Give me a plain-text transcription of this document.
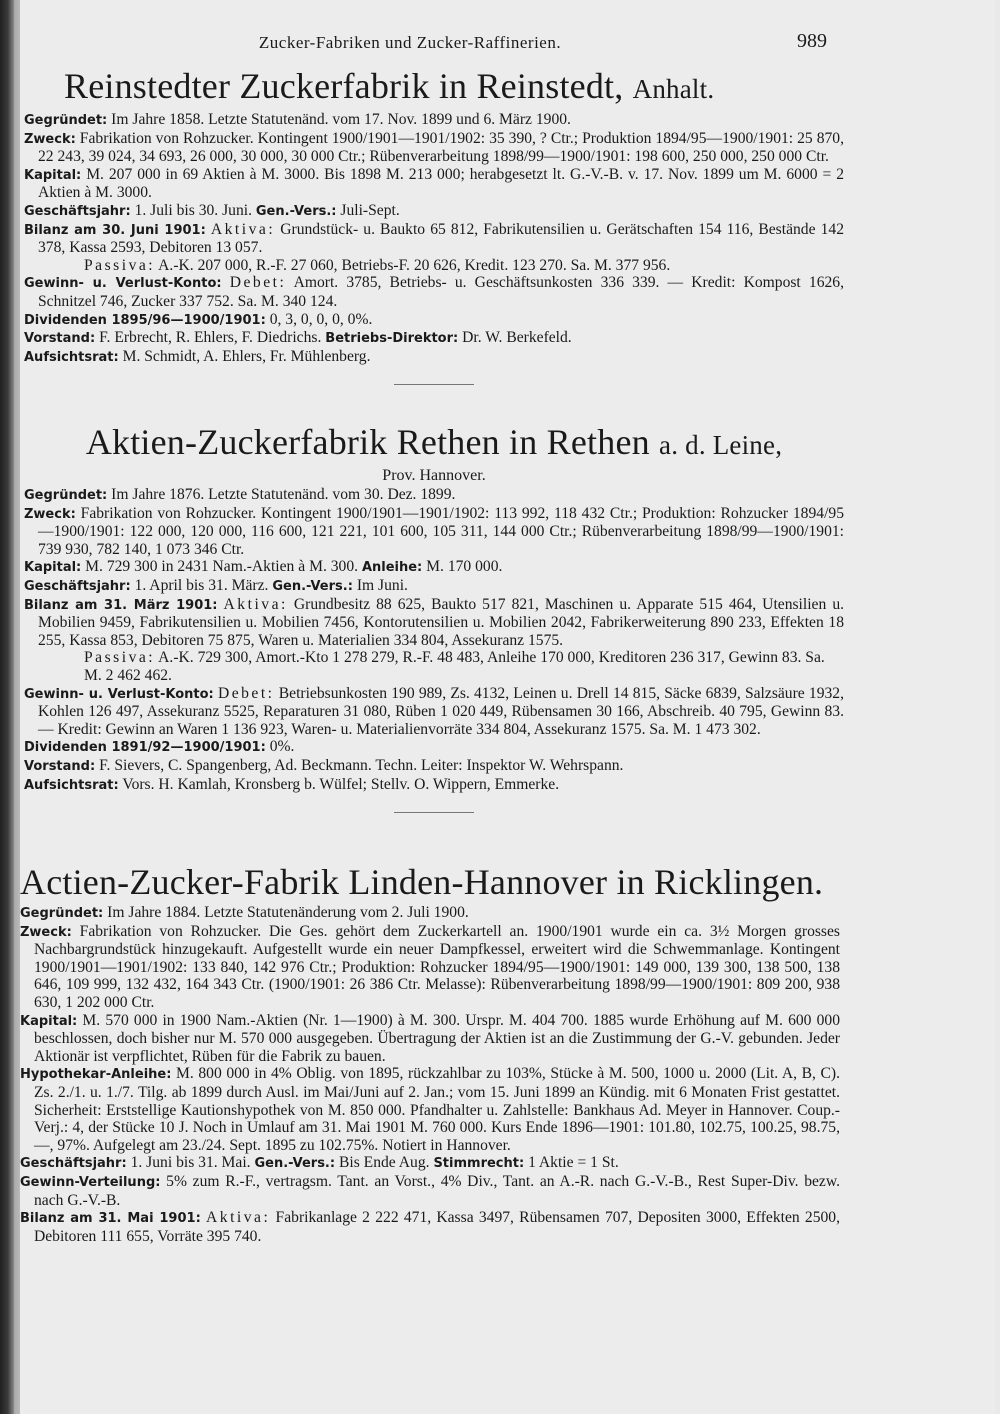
Zucker-Fabriken und Zucker-Raffinerien.	989
Reinstedter Zuckerfabrik in Reinstedt, Anhalt.

Gegründet: Im Jahre 1858. Letzte Statutenänd. vom 17. Nov. 1899 und 6. März 1900.

Zweck: Fabrikation von Rohzucker. Kontingent 1900/1901—1901/1902: 35 390, ? Ctr.; Produktion 1894/95—1900/1901: 25 870, 22 243, 39 024, 34 693, 26 000, 30 000, 30 000 Ctr.; Rübenverarbeitung 1898/99—1900/1901: 198 600, 250 000, 250 000 Ctr.

Kapital: M. 207 000 in 69 Aktien à M. 3000. Bis 1898 M. 213 000; herabgesetzt lt. G.-V.-B. v. 17. Nov. 1899 um M. 6000 = 2 Aktien à M. 3000.

Geschäftsjahr: 1. Juli bis 30. Juni. Gen.-Vers.: Juli-Sept.

Bilanz am 30. Juni 1901: Aktiva: Grundstück- u. Baukto 65 812, Fabrikutensilien u. Gerätschaften 154 116, Bestände 142 378, Kassa 2593, Debitoren 13 057.

Passiva: A.-K. 207 000, R.-F. 27 060, Betriebs-F. 20 626, Kredit. 123 270. Sa. M. 377 956.

Gewinn- u. Verlust-Konto: Debet: Amort. 3785, Betriebs- u. Geschäftsunkosten 336 339. — Kredit: Kompost 1626, Schnitzel 746, Zucker 337 752. Sa. M. 340 124.

Dividenden 1895/96—1900/1901: 0, 3, 0, 0, 0, 0%.

Vorstand: F. Erbrecht, R. Ehlers, F. Diedrichs. Betriebs-Direktor: Dr. W. Berkefeld.

Aufsichtsrat: M. Schmidt, A. Ehlers, Fr. Mühlenberg.

Aktien-Zuckerfabrik Rethen in Rethen a. d. Leine,
Prov. Hannover.

Gegründet: Im Jahre 1876. Letzte Statutenänd. vom 30. Dez. 1899.

Zweck: Fabrikation von Rohzucker. Kontingent 1900/1901—1901/1902: 113 992, 118 432 Ctr.; Produktion: Rohzucker 1894/95—1900/1901: 122 000, 120 000, 116 600, 121 221, 101 600, 105 311, 144 000 Ctr.; Rübenverarbeitung 1898/99—1900/1901: 739 930, 782 140, 1 073 346 Ctr.

Kapital: M. 729 300 in 2431 Nam.-Aktien à M. 300. Anleihe: M. 170 000.

Geschäftsjahr: 1. April bis 31. März. Gen.-Vers.: Im Juni.

Bilanz am 31. März 1901: Aktiva: Grundbesitz 88 625, Baukto 517 821, Maschinen u. Apparate 515 464, Utensilien u. Mobilien 9459, Fabrikutensilien u. Mobilien 7456, Kontorutensilien u. Mobilien 2042, Fabrikerweiterung 890 233, Effekten 18 255, Kassa 853, Debitoren 75 875, Waren u. Materialien 334 804, Assekuranz 1575.

Passiva: A.-K. 729 300, Amort.-Kto 1 278 279, R.-F. 48 483, Anleihe 170 000, Kreditoren 236 317, Gewinn 83. Sa. M. 2 462 462.

Gewinn- u. Verlust-Konto: Debet: Betriebsunkosten 190 989, Zs. 4132, Leinen u. Drell 14 815, Säcke 6839, Salzsäure 1932, Kohlen 126 497, Assekuranz 5525, Reparaturen 31 080, Rüben 1 020 449, Rübensamen 30 166, Abschreib. 40 795, Gewinn 83. — Kredit: Gewinn an Waren 1 136 923, Waren- u. Materialienvorräte 334 804, Assekuranz 1575. Sa. M. 1 473 302.

Dividenden 1891/92—1900/1901: 0%.

Vorstand: F. Sievers, C. Spangenberg, Ad. Beckmann. Techn. Leiter: Inspektor W. Wehrspann.

Aufsichtsrat: Vors. H. Kamlah, Kronsberg b. Wülfel; Stellv. O. Wippern, Emmerke.

Actien-Zucker-Fabrik Linden-Hannover in Ricklingen.

Gegründet: Im Jahre 1884. Letzte Statutenänderung vom 2. Juli 1900.

Zweck: Fabrikation von Rohzucker. Die Ges. gehört dem Zuckerkartell an. 1900/1901 wurde ein ca. 3½ Morgen grosses Nachbargrundstück hinzugekauft. Aufgestellt wurde ein neuer Dampfkessel, erweitert wird die Schwemmanlage. Kontingent 1900/1901—1901/1902: 133 840, 142 976 Ctr.; Produktion: Rohzucker 1894/95—1900/1901: 149 000, 139 300, 138 500, 138 646, 109 999, 132 432, 164 343 Ctr. (1900/1901: 26 386 Ctr. Melasse): Rübenverarbeitung 1898/99—1900/1901: 809 200, 938 630, 1 202 000 Ctr.

Kapital: M. 570 000 in 1900 Nam.-Aktien (Nr. 1—1900) à M. 300. Urspr. M. 404 700. 1885 wurde Erhöhung auf M. 600 000 beschlossen, doch bisher nur M. 570 000 ausgegeben. Übertragung der Aktien ist an die Zustimmung der G.-V. gebunden. Jeder Aktionär ist verpflichtet, Rüben für die Fabrik zu bauen.

Hypothekar-Anleihe: M. 800 000 in 4% Oblig. von 1895, rückzahlbar zu 103%, Stücke à M. 500, 1000 u. 2000 (Lit. A, B, C). Zs. 2./1. u. 1./7. Tilg. ab 1899 durch Ausl. im Mai/Juni auf 2. Jan.; vom 15. Juni 1899 an Kündig. mit 6 Monaten Frist gestattet. Sicherheit: Erststellige Kautionshypothek von M. 850 000. Pfandhalter u. Zahlstelle: Bankhaus Ad. Meyer in Hannover. Coup.-Verj.: 4, der Stücke 10 J. Noch in Umlauf am 31. Mai 1901 M. 760 000. Kurs Ende 1896—1901: 101.80, 102.75, 100.25, 98.75, —, 97%. Aufgelegt am 23./24. Sept. 1895 zu 102.75%. Notiert in Hannover.

Geschäftsjahr: 1. Juni bis 31. Mai. Gen.-Vers.: Bis Ende Aug. Stimmrecht: 1 Aktie = 1 St.

Gewinn-Verteilung: 5% zum R.-F., vertragsm. Tant. an Vorst., 4% Div., Tant. an A.-R. nach G.-V.-B., Rest Super-Div. bezw. nach G.-V.-B.

Bilanz am 31. Mai 1901: Aktiva: Fabrikanlage 2 222 471, Kassa 3497, Rübensamen 707, Depositen 3000, Effekten 2500, Debitoren 111 655, Vorräte 395 740.
